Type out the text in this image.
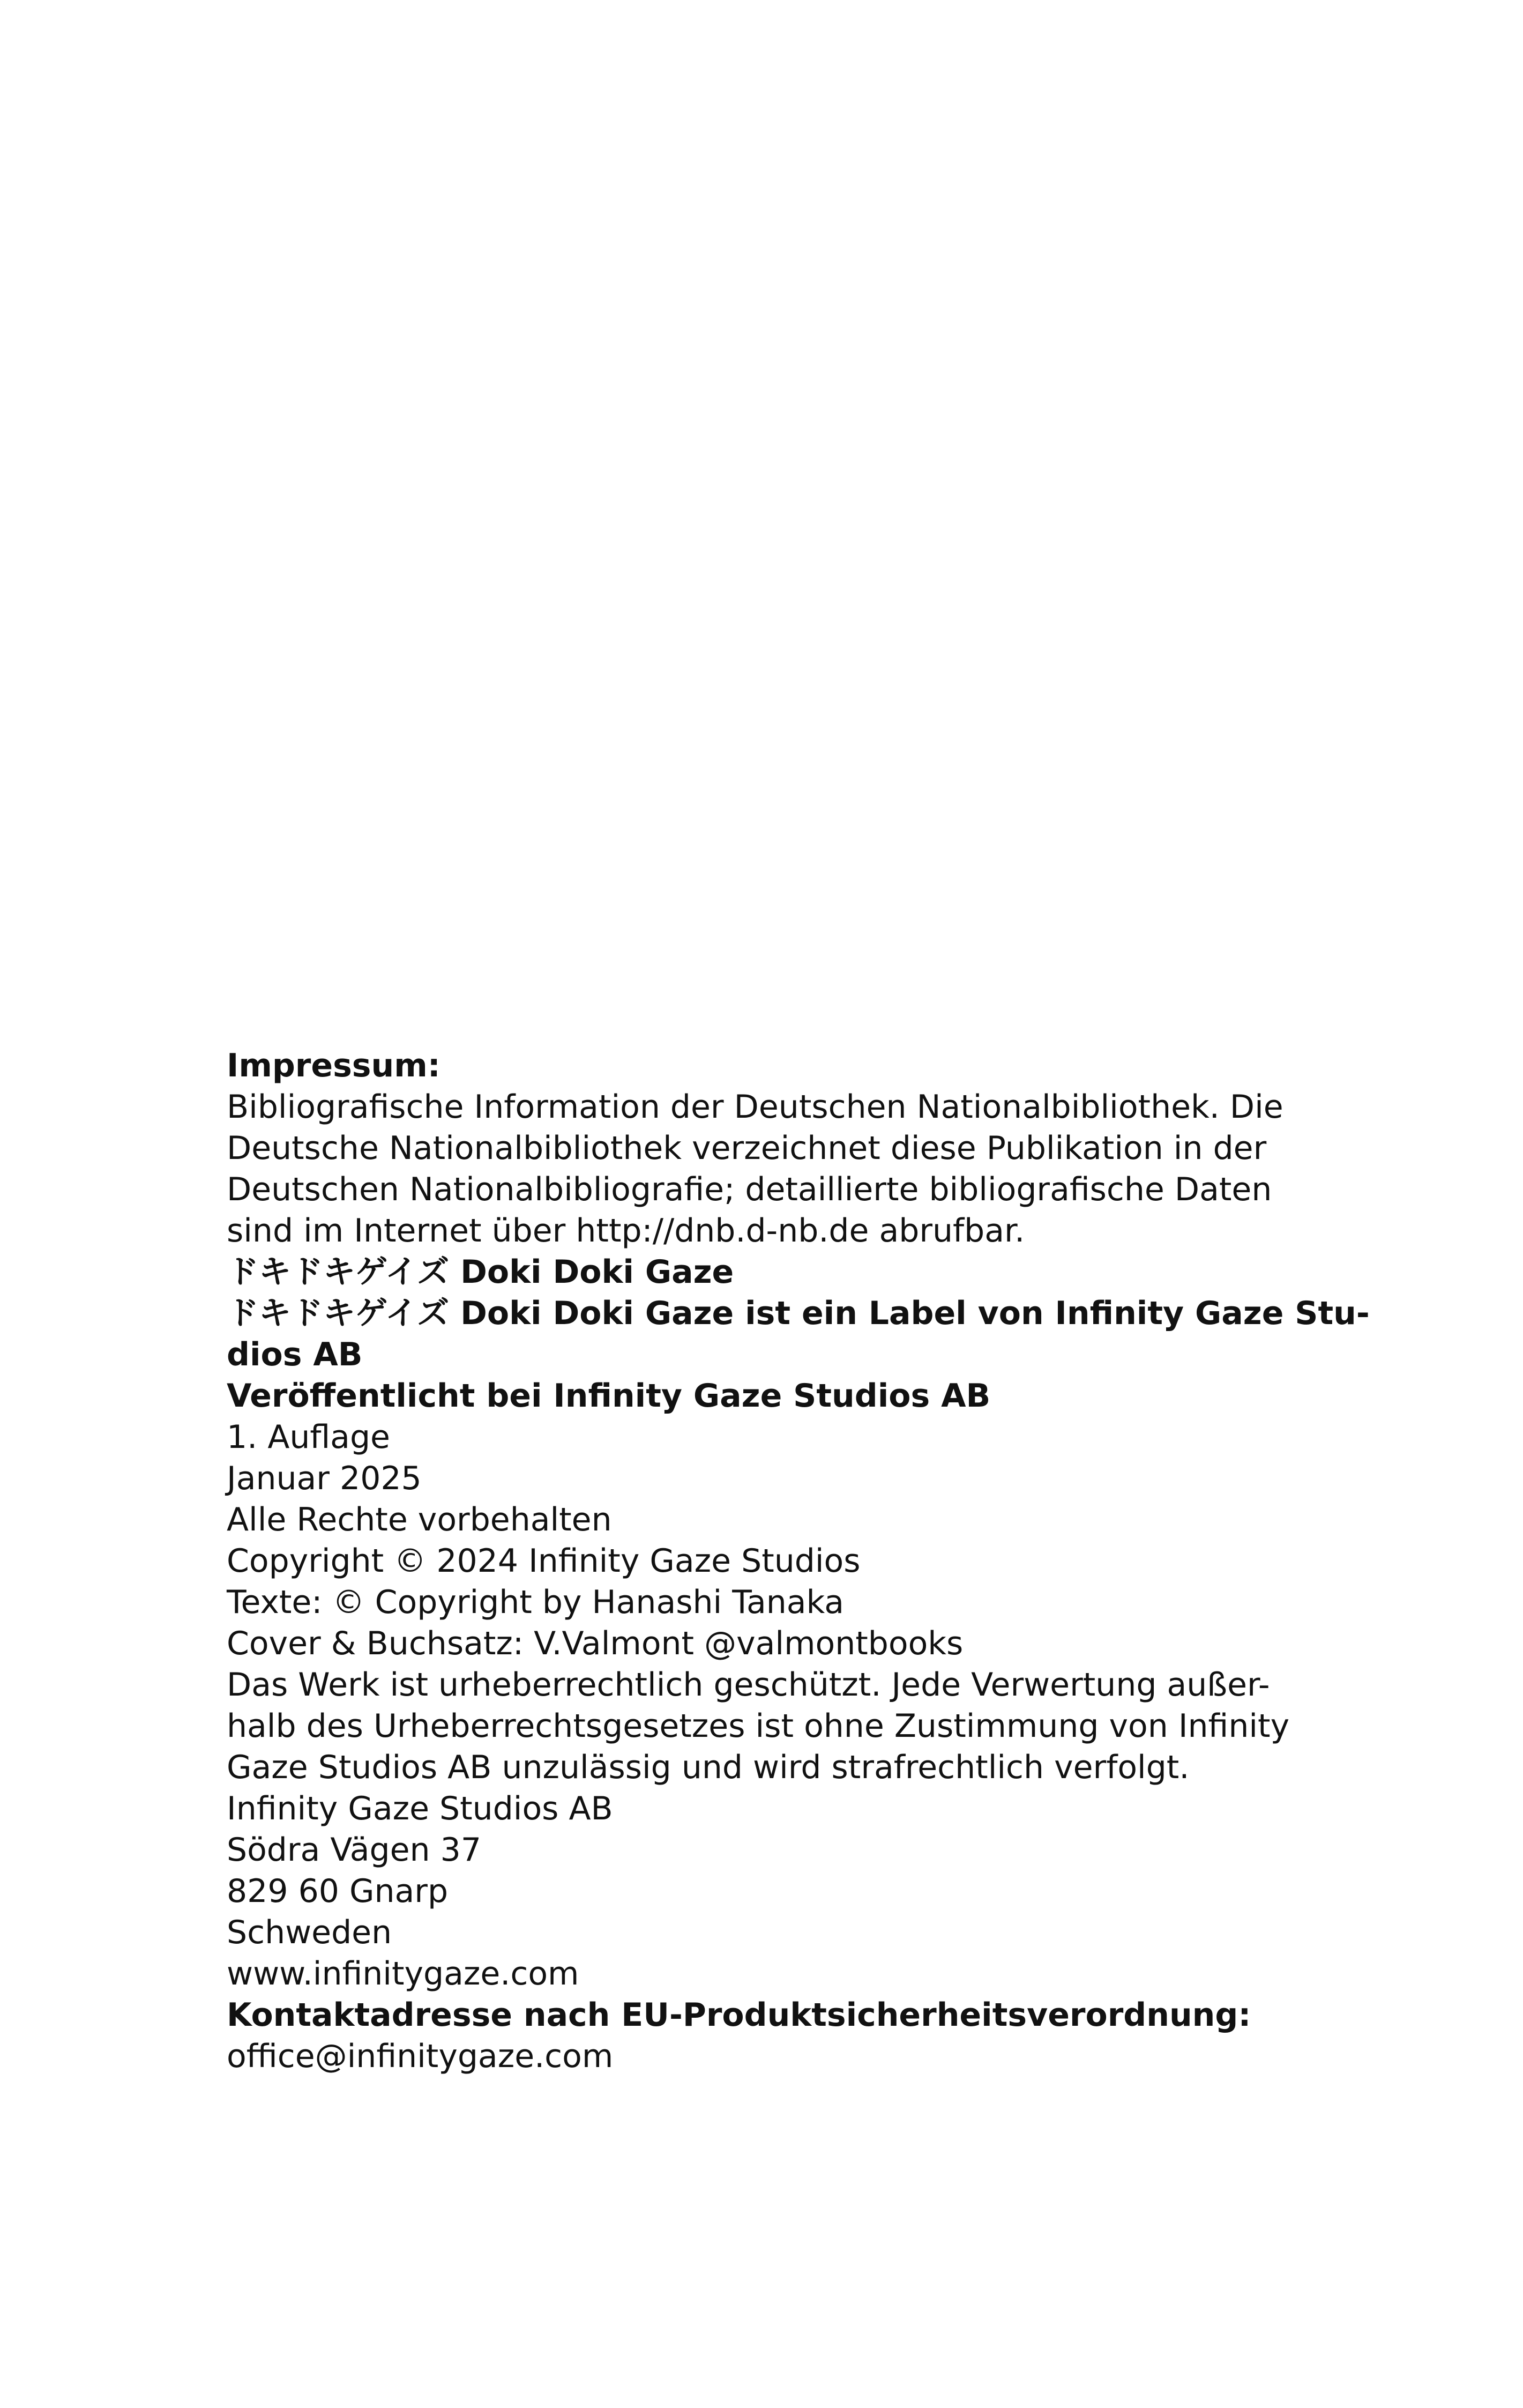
Impressum:
Bibliografische Information der Deutschen Nationalbibliothek. Die
Deutsche Nationalbibliothek verzeichnet diese Publikation in der
Deutschen Nationalbibliografie; detaillierte bibliografische Daten
sind im Internet über http://dnb.d-nb.de abrufbar.
ドキドキゲイズ Doki Doki Gaze
ドキドキゲイズ Doki Doki Gaze ist ein Label von Infinity Gaze Stu-
dios AB
Veröffentlicht bei Infinity Gaze Studios AB
1. Auflage
Januar 2025
Alle Rechte vorbehalten
Copyright © 2024 Infinity Gaze Studios
Texte: © Copyright by Hanashi Tanaka
Cover & Buchsatz: V.Valmont @valmontbooks
Das Werk ist urheberrechtlich geschützt. Jede Verwertung außer-
halb des Urheberrechtsgesetzes ist ohne Zustimmung von Infinity
Gaze Studios AB unzulässig und wird strafrechtlich verfolgt.
Infinity Gaze Studios AB
Södra Vägen 37
829 60 Gnarp
Schweden
www.infinitygaze.com
Kontaktadresse nach EU-Produktsicherheitsverordnung:
office@infinitygaze.com
